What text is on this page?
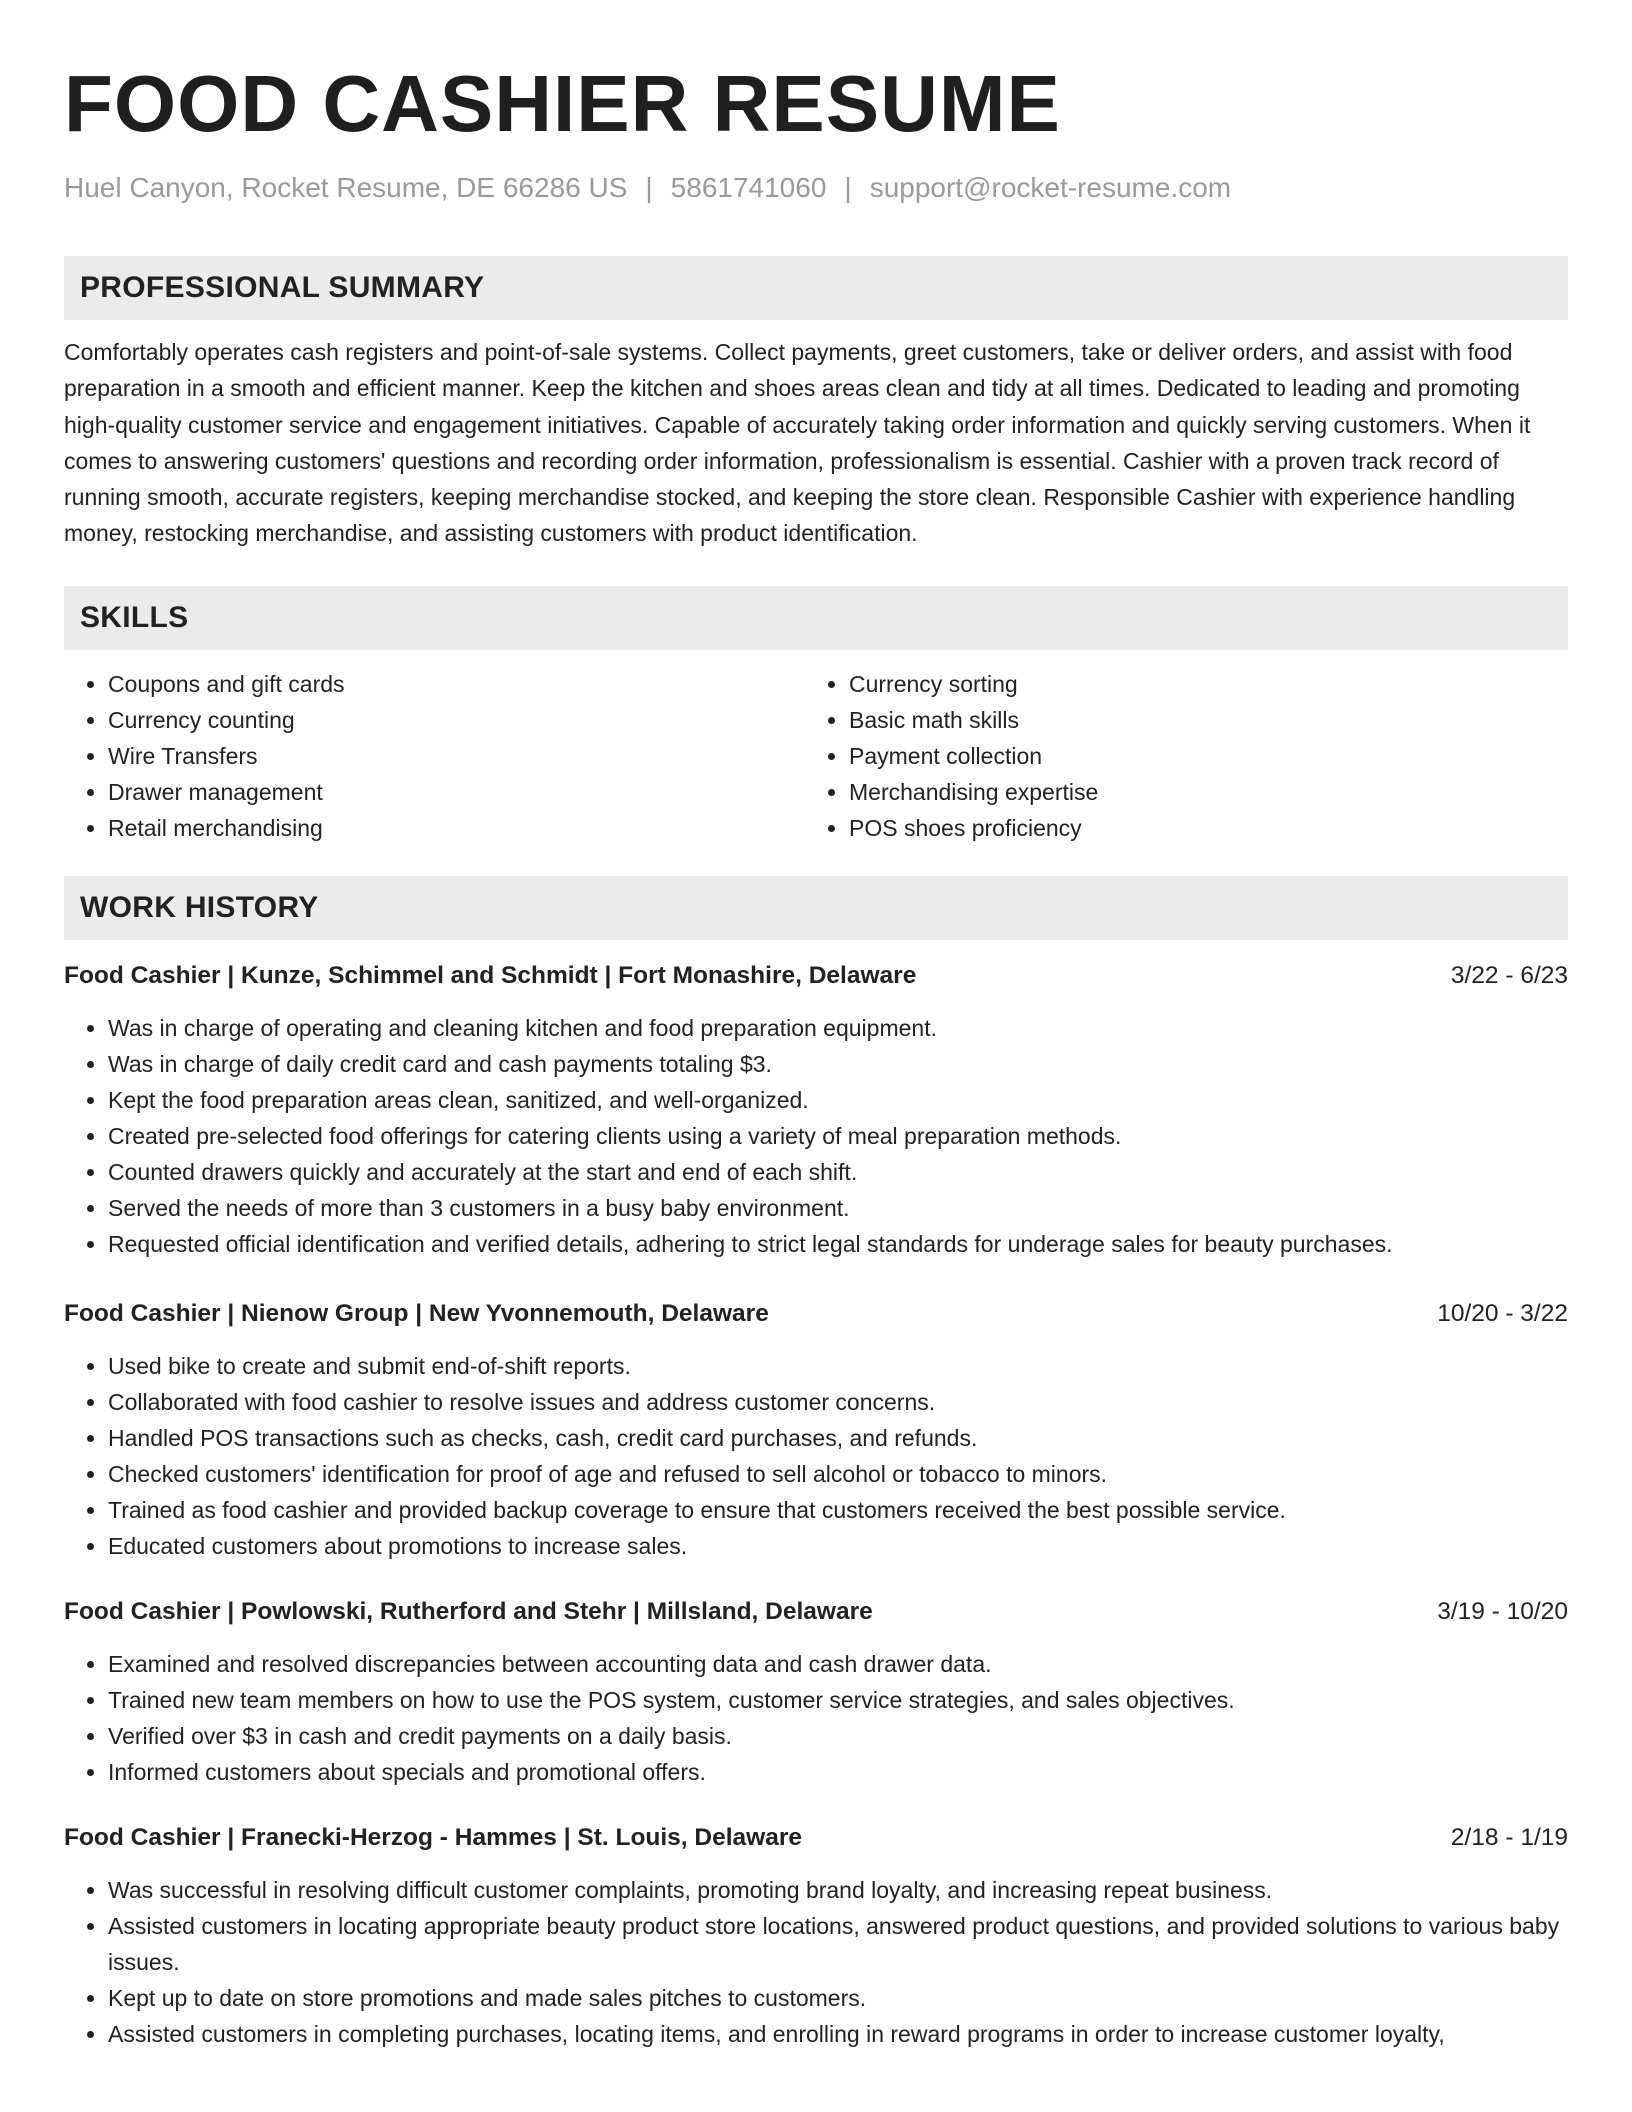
FOOD CASHIER RESUME
Huel Canyon, Rocket Resume, DE 66286 US | 5861741060 | support@rocket-resume.com
PROFESSIONAL SUMMARY
Comfortably operates cash registers and point-of-sale systems. Collect payments, greet customers, take or deliver orders, and assist with food preparation in a smooth and efficient manner. Keep the kitchen and shoes areas clean and tidy at all times. Dedicated to leading and promoting high-quality customer service and engagement initiatives. Capable of accurately taking order information and quickly serving customers. When it comes to answering customers' questions and recording order information, professionalism is essential. Cashier with a proven track record of running smooth, accurate registers, keeping merchandise stocked, and keeping the store clean. Responsible Cashier with experience handling money, restocking merchandise, and assisting customers with product identification.
SKILLS
• Coupons and gift cards
• Currency counting
• Wire Transfers
• Drawer management
• Retail merchandising
• Currency sorting
• Basic math skills
• Payment collection
• Merchandising expertise
• POS shoes proficiency
WORK HISTORY
Food Cashier | Kunze, Schimmel and Schmidt | Fort Monashire, Delaware	3/22 - 6/23
• Was in charge of operating and cleaning kitchen and food preparation equipment.
• Was in charge of daily credit card and cash payments totaling $3.
• Kept the food preparation areas clean, sanitized, and well-organized.
• Created pre-selected food offerings for catering clients using a variety of meal preparation methods.
• Counted drawers quickly and accurately at the start and end of each shift.
• Served the needs of more than 3 customers in a busy baby environment.
• Requested official identification and verified details, adhering to strict legal standards for underage sales for beauty purchases.
Food Cashier | Nienow Group | New Yvonnemouth, Delaware	10/20 - 3/22
• Used bike to create and submit end-of-shift reports.
• Collaborated with food cashier to resolve issues and address customer concerns.
• Handled POS transactions such as checks, cash, credit card purchases, and refunds.
• Checked customers' identification for proof of age and refused to sell alcohol or tobacco to minors.
• Trained as food cashier and provided backup coverage to ensure that customers received the best possible service.
• Educated customers about promotions to increase sales.
Food Cashier | Powlowski, Rutherford and Stehr | Millsland, Delaware	3/19 - 10/20
• Examined and resolved discrepancies between accounting data and cash drawer data.
• Trained new team members on how to use the POS system, customer service strategies, and sales objectives.
• Verified over $3 in cash and credit payments on a daily basis.
• Informed customers about specials and promotional offers.
Food Cashier | Franecki-Herzog - Hammes | St. Louis, Delaware	2/18 - 1/19
• Was successful in resolving difficult customer complaints, promoting brand loyalty, and increasing repeat business.
• Assisted customers in locating appropriate beauty product store locations, answered product questions, and provided solutions to various baby issues.
• Kept up to date on store promotions and made sales pitches to customers.
• Assisted customers in completing purchases, locating items, and enrolling in reward programs in order to increase customer loyalty,
